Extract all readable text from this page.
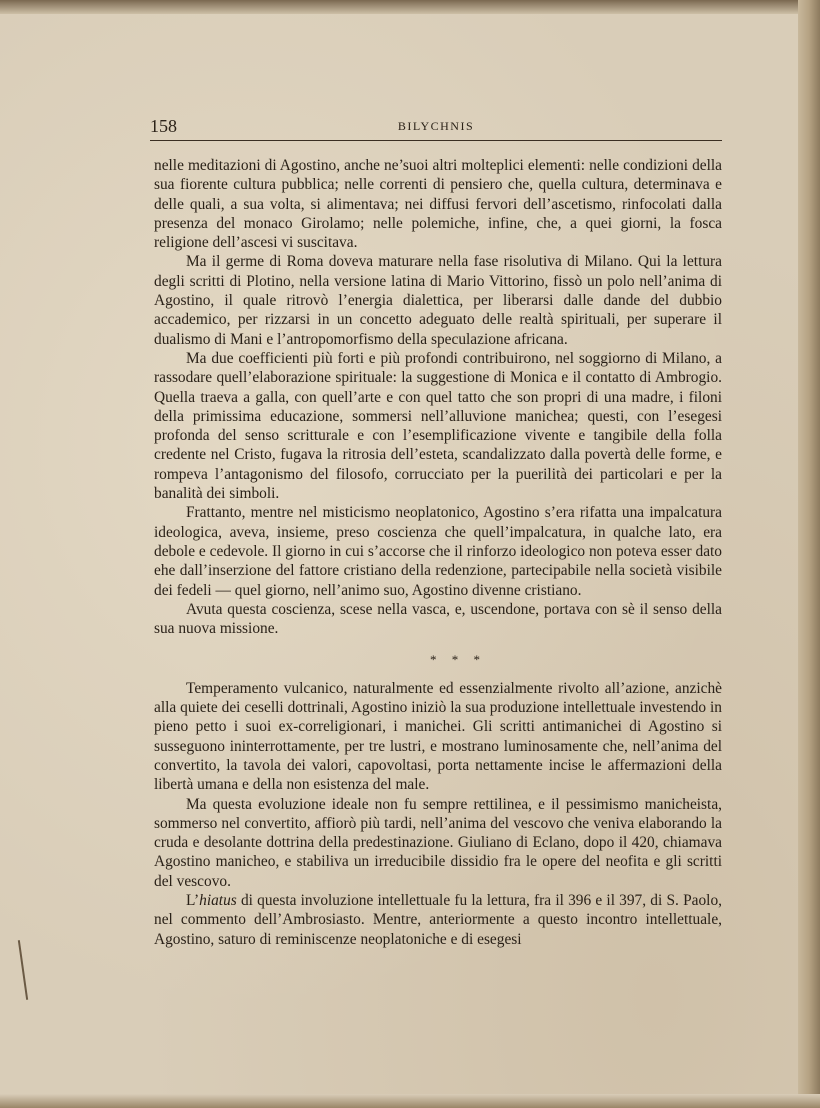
158	BILYCHNIS

nelle meditazioni di Agostino, anche ne’suoi altri molteplici elementi: nelle condizioni della sua fiorente cultura pubblica; nelle correnti di pensiero che, quella cultura, determinava e delle quali, a sua volta, si alimentava; nei diffusi fervori dell’ascetismo, rinfocolati dalla presenza del monaco Girolamo; nelle polemiche, infine, che, a quei giorni, la fosca religione dell’ascesi vi suscitava.

Ma il germe di Roma doveva maturare nella fase risolutiva di Milano. Qui la lettura degli scritti di Plotino, nella versione latina di Mario Vittorino, fissò un polo nell’anima di Agostino, il quale ritrovò l’energia dialettica, per liberarsi dalle dande del dubbio accademico, per rizzarsi in un concetto adeguato delle realtà spirituali, per superare il dualismo di Mani e l’antropomorfismo della speculazione africana.

Ma due coefficienti più forti e più profondi contribuirono, nel soggiorno di Milano, a rassodare quell’elaborazione spirituale: la suggestione di Monica e il contatto di Ambrogio. Quella traeva a galla, con quell’arte e con quel tatto che son propri di una madre, i filoni della primissima educazione, sommersi nell’alluvione manichea; questi, con l’esegesi profonda del senso scritturale e con l’esemplificazione vivente e tangibile della folla credente nel Cristo, fugava la ritrosia dell’esteta, scandalizzato dalla povertà delle forme, e rompeva l’antagonismo del filosofo, corrucciato per la puerilità dei particolari e per la banalità dei simboli.

Frattanto, mentre nel misticismo neoplatonico, Agostino s’era rifatta una impalcatura ideologica, aveva, insieme, preso coscienza che quell’impalcatura, in qualche lato, era debole e cedevole. Il giorno in cui s’accorse che il rinforzo ideologico non poteva esser dato ehe dall’inserzione del fattore cristiano della redenzione, partecipabile nella società visibile dei fedeli — quel giorno, nell’animo suo, Agostino divenne cristiano.

Avuta questa coscienza, scese nella vasca, e, uscendone, portava con sè il senso della sua nuova missione.

* * *

Temperamento vulcanico, naturalmente ed essenzialmente rivolto all’azione, anzichè alla quiete dei ceselli dottrinali, Agostino iniziò la sua produzione intellettuale investendo in pieno petto i suoi ex-correligionari, i manichei. Gli scritti antimanichei di Agostino si susseguono ininterrottamente, per tre lustri, e mostrano luminosamente che, nell’anima del convertito, la tavola dei valori, capovoltasi, porta nettamente incise le affermazioni della libertà umana e della non esistenza del male.

Ma questa evoluzione ideale non fu sempre rettilinea, e il pessimismo manicheista, sommerso nel convertito, affiorò più tardi, nell’anima del vescovo che veniva elaborando la cruda e desolante dottrina della predestinazione. Giuliano di Eclano, dopo il 420, chiamava Agostino manicheo, e stabiliva un irreducibile dissidio fra le opere del neofita e gli scritti del vescovo.

L’hiatus di questa involuzione intellettuale fu la lettura, fra il 396 e il 397, di S. Paolo, nel commento dell’Ambrosiasto. Mentre, anteriormente a questo incontro intellettuale, Agostino, saturo di reminiscenze neoplatoniche e di esegesi
